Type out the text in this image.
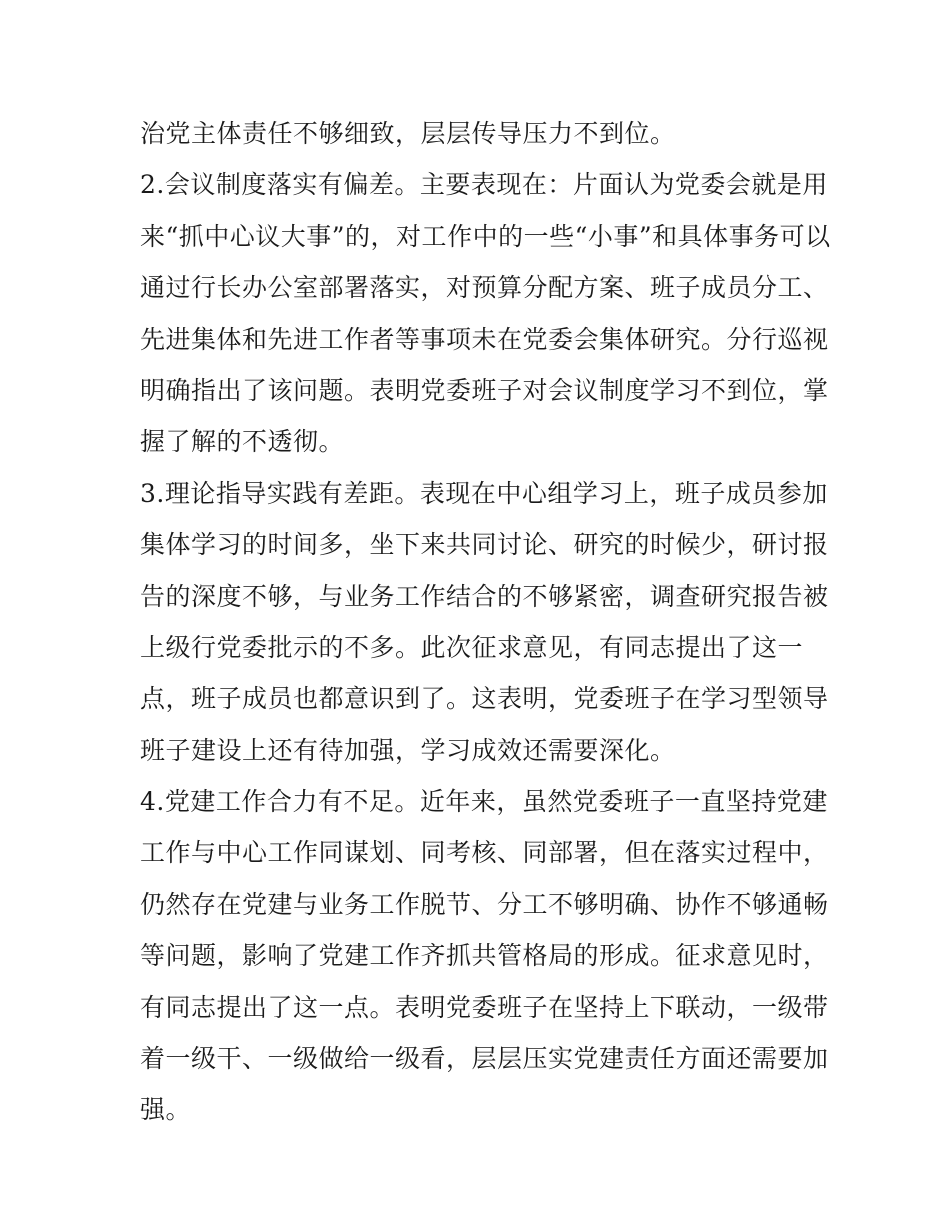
治党主体责任不够细致，层层传导压力不到位。
2.会议制度落实有偏差。主要表现在：片面认为党委会就是用
来“抓中心议大事”的，对工作中的一些“小事”和具体事务可以
通过行长办公室部署落实，对预算分配方案、班子成员分工、
先进集体和先进工作者等事项未在党委会集体研究。分行巡视
明确指出了该问题。表明党委班子对会议制度学习不到位，掌
握了解的不透彻。
3.理论指导实践有差距。表现在中心组学习上，班子成员参加
集体学习的时间多，坐下来共同讨论、研究的时候少，研讨报
告的深度不够，与业务工作结合的不够紧密，调查研究报告被
上级行党委批示的不多。此次征求意见，有同志提出了这一
点，班子成员也都意识到了。这表明，党委班子在学习型领导
班子建设上还有待加强，学习成效还需要深化。
4.党建工作合力有不足。近年来，虽然党委班子一直坚持党建
工作与中心工作同谋划、同考核、同部署，但在落实过程中，
仍然存在党建与业务工作脱节、分工不够明确、协作不够通畅
等问题，影响了党建工作齐抓共管格局的形成。征求意见时，
有同志提出了这一点。表明党委班子在坚持上下联动，一级带
着一级干、一级做给一级看，层层压实党建责任方面还需要加
强。
